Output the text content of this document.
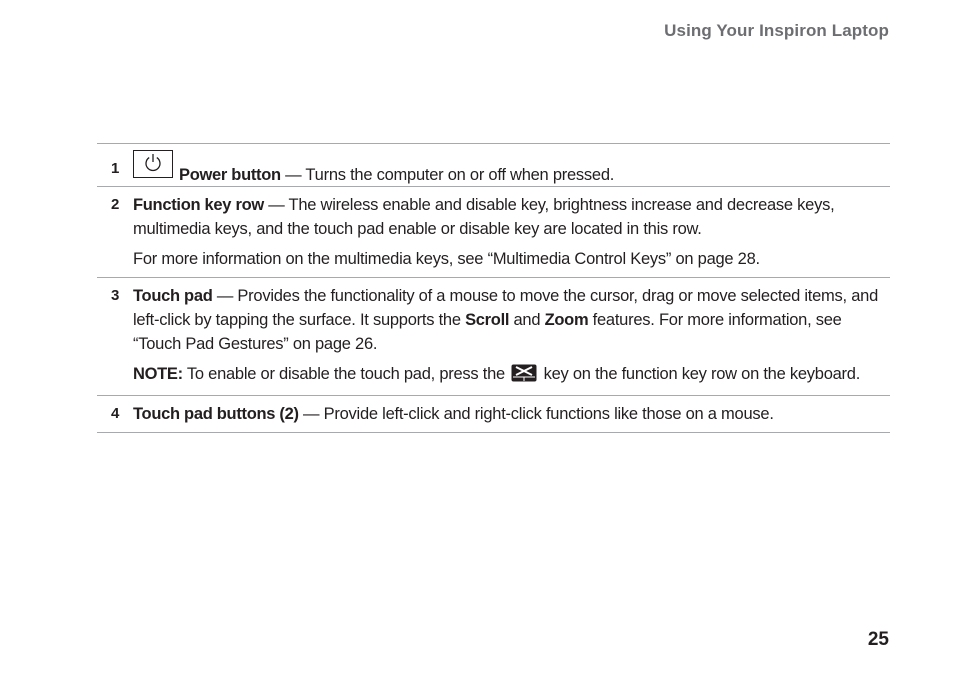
Using Your Inspiron Laptop
1	Power button — Turns the computer on or off when pressed.

2 Function key row — The wireless enable and disable key, brightness increase and decrease keys, multimedia keys, and the touch pad enable or disable key are located in this row.

For more information on the multimedia keys, see “Multimedia Control Keys” on page 28.

3 Touch pad — Provides the functionality of a mouse to move the cursor, drag or move selected items, and left-click by tapping the surface. It supports the Scroll and Zoom features. For more information, see “Touch Pad Gestures” on page 26.

NOTE: To enable or disable the touch pad, press the  key on the function key row on the keyboard.

4 Touch pad buttons (2) — Provide left-click and right-click functions like those on a mouse.

25
